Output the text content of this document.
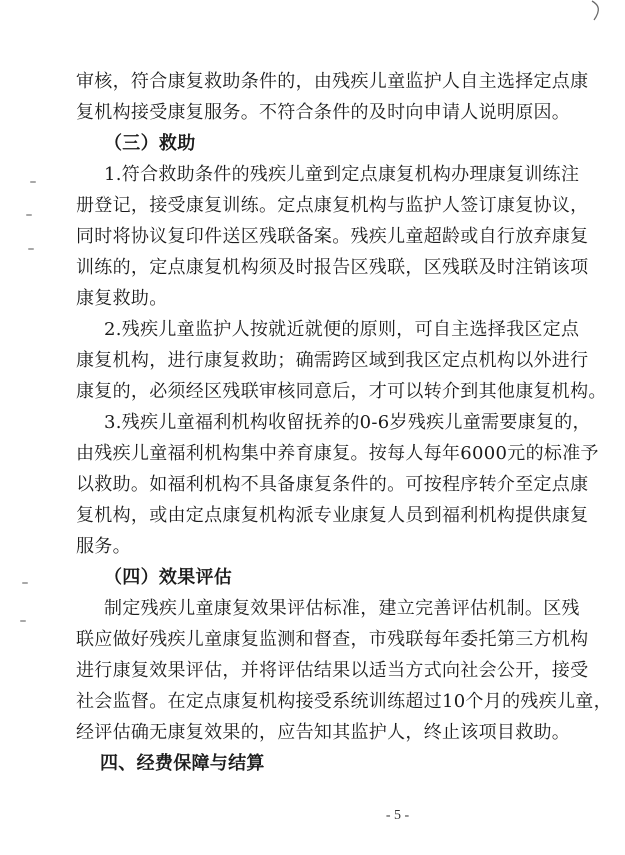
审核，符合康复救助条件的，由残疾儿童监护人自主选择定点康
复机构接受康复服务。不符合条件的及时向申请人说明原因。
（三）救助
1.符合救助条件的残疾儿童到定点康复机构办理康复训练注
册登记，接受康复训练。定点康复机构与监护人签订康复协议，
同时将协议复印件送区残联备案。残疾儿童超龄或自行放弃康复
训练的，定点康复机构须及时报告区残联，区残联及时注销该项
康复救助。
2.残疾儿童监护人按就近就便的原则，可自主选择我区定点
康复机构，进行康复救助；确需跨区域到我区定点机构以外进行
康复的，必须经区残联审核同意后，才可以转介到其他康复机构。
3.残疾儿童福利机构收留抚养的0-6岁残疾儿童需要康复的，
由残疾儿童福利机构集中养育康复。按每人每年6000元的标准予
以救助。如福利机构不具备康复条件的。可按程序转介至定点康
复机构，或由定点康复机构派专业康复人员到福利机构提供康复
服务。
（四）效果评估
制定残疾儿童康复效果评估标准，建立完善评估机制。区残
联应做好残疾儿童康复监测和督查，市残联每年委托第三方机构
进行康复效果评估，并将评估结果以适当方式向社会公开，接受
社会监督。在定点康复机构接受系统训练超过10个月的残疾儿童，
经评估确无康复效果的，应告知其监护人，终止该项目救助。
四、经费保障与结算
- 5 -
